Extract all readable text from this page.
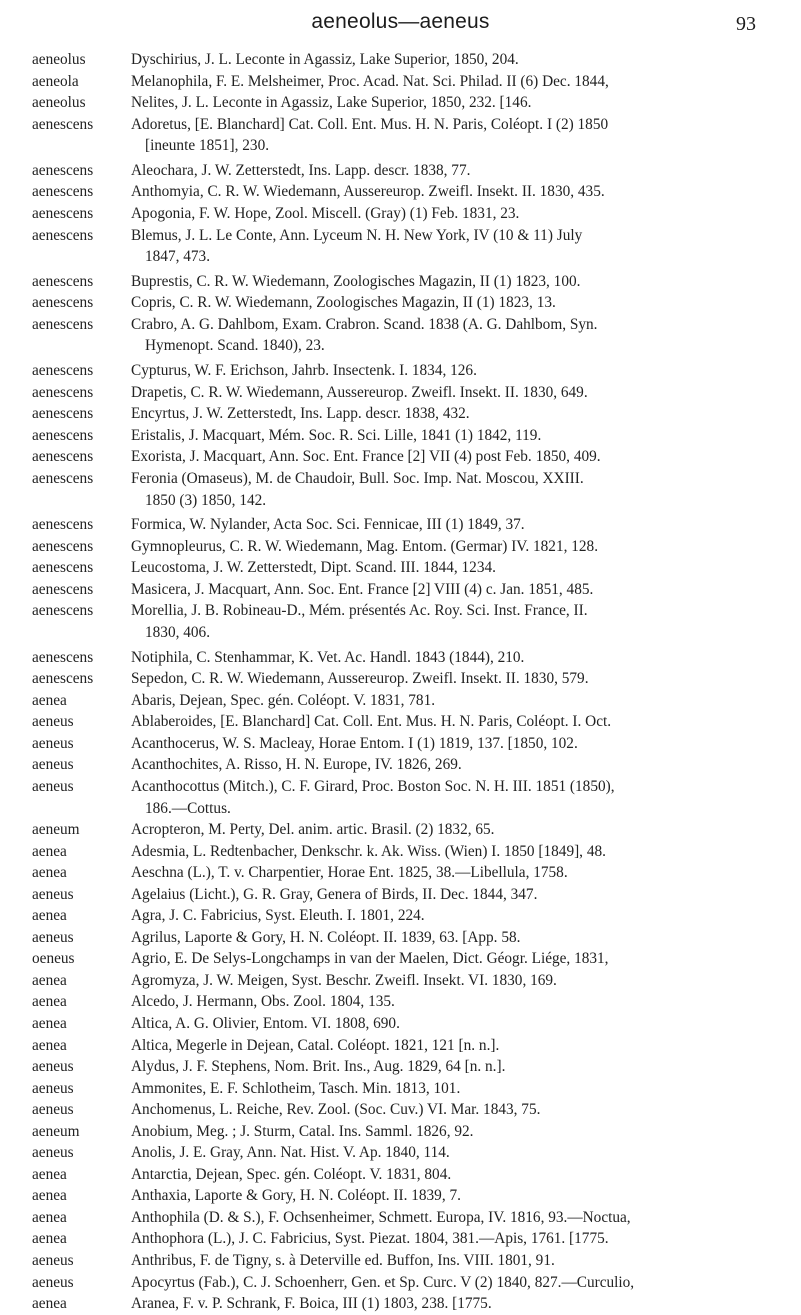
aeneolus—aeneus	93
aeneolus	Dyschirius, J. L. Leconte in Agassiz, Lake Superior, 1850, 204.
aeneola	Melanophila, F. E. Melsheimer, Proc. Acad. Nat. Sci. Philad. II (6) Dec. 1844,
aeneolus	Nelites, J. L. Leconte in Agassiz, Lake Superior, 1850, 232. [146.
aenescens	Adoretus, [E. Blanchard] Cat. Coll. Ent. Mus. H. N. Paris, Coléopt. I (2) 1850
[ineunte 1851], 230.
aenescens	Aleochara, J. W. Zetterstedt, Ins. Lapp. descr. 1838, 77.
aenescens	Anthomyia, C. R. W. Wiedemann, Aussereurop. Zweifl. Insekt. II. 1830, 435.
aenescens	Apogonia, F. W. Hope, Zool. Miscell. (Gray) (1) Feb. 1831, 23.
aenescens	Blemus, J. L. Le Conte, Ann. Lyceum N. H. New York, IV (10 & 11) July
1847, 473.
aenescens	Buprestis, C. R. W. Wiedemann, Zoologisches Magazin, II (1) 1823, 100.
aenescens	Copris, C. R. W. Wiedemann, Zoologisches Magazin, II (1) 1823, 13.
aenescens	Crabro, A. G. Dahlbom, Exam. Crabron. Scand. 1838 (A. G. Dahlbom, Syn.
Hymenopt. Scand. 1840), 23.
aenescens	Cypturus, W. F. Erichson, Jahrb. Insectenk. I. 1834, 126.
aenescens	Drapetis, C. R. W. Wiedemann, Aussereurop. Zweifl. Insekt. II. 1830, 649.
aenescens	Encyrtus, J. W. Zetterstedt, Ins. Lapp. descr. 1838, 432.
aenescens	Eristalis, J. Macquart, Mém. Soc. R. Sci. Lille, 1841 (1) 1842, 119.
aenescens	Exorista, J. Macquart, Ann. Soc. Ent. France [2] VII (4) post Feb. 1850, 409.
aenescens	Feronia (Omaseus), M. de Chaudoir, Bull. Soc. Imp. Nat. Moscou, XXIII.
1850 (3) 1850, 142.
aenescens	Formica, W. Nylander, Acta Soc. Sci. Fennicae, III (1) 1849, 37.
aenescens	Gymnopleurus, C. R. W. Wiedemann, Mag. Entom. (Germar) IV. 1821, 128.
aenescens	Leucostoma, J. W. Zetterstedt, Dipt. Scand. III. 1844, 1234.
aenescens	Masicera, J. Macquart, Ann. Soc. Ent. France [2] VIII (4) c. Jan. 1851, 485.
aenescens	Morellia, J. B. Robineau-D., Mém. présentés Ac. Roy. Sci. Inst. France, II.
1830, 406.
aenescens	Notiphila, C. Stenhammar, K. Vet. Ac. Handl. 1843 (1844), 210.
aenescens	Sepedon, C. R. W. Wiedemann, Aussereurop. Zweifl. Insekt. II. 1830, 579.
aenea	Abaris, Dejean, Spec. gén. Coléopt. V. 1831, 781.
aeneus	Ablaberoides, [E. Blanchard] Cat. Coll. Ent. Mus. H. N. Paris, Coléopt. I. Oct.
aeneus	Acanthocerus, W. S. Macleay, Horae Entom. I (1) 1819, 137. [1850, 102.
aeneus	Acanthochites, A. Risso, H. N. Europe, IV. 1826, 269.
aeneus	Acanthocottus (Mitch.), C. F. Girard, Proc. Boston Soc. N. H. III. 1851 (1850),
186.—Cottus.
aeneum	Acropteron, M. Perty, Del. anim. artic. Brasil. (2) 1832, 65.
aenea	Adesmia, L. Redtenbacher, Denkschr. k. Ak. Wiss. (Wien) I. 1850 [1849], 48.
aenea	Aeschna (L.), T. v. Charpentier, Horae Ent. 1825, 38.—Libellula, 1758.
aeneus	Agelaius (Licht.), G. R. Gray, Genera of Birds, II. Dec. 1844, 347.
aenea	Agra, J. C. Fabricius, Syst. Eleuth. I. 1801, 224.
aeneus	Agrilus, Laporte & Gory, H. N. Coléopt. II. 1839, 63. [App. 58.
oeneus	Agrio, E. De Selys-Longchamps in van der Maelen, Dict. Géogr. Liége, 1831,
aenea	Agromyza, J. W. Meigen, Syst. Beschr. Zweifl. Insekt. VI. 1830, 169.
aenea	Alcedo, J. Hermann, Obs. Zool. 1804, 135.
aenea	Altica, A. G. Olivier, Entom. VI. 1808, 690.
aenea	Altica, Megerle in Dejean, Catal. Coléopt. 1821, 121 [n. n.].
aeneus	Alydus, J. F. Stephens, Nom. Brit. Ins., Aug. 1829, 64 [n. n.].
aeneus	Ammonites, E. F. Schlotheim, Tasch. Min. 1813, 101.
aeneus	Anchomenus, L. Reiche, Rev. Zool. (Soc. Cuv.) VI. Mar. 1843, 75.
aeneum	Anobium, Meg. ; J. Sturm, Catal. Ins. Samml. 1826, 92.
aeneus	Anolis, J. E. Gray, Ann. Nat. Hist. V. Ap. 1840, 114.
aenea	Antarctia, Dejean, Spec. gén. Coléopt. V. 1831, 804.
aenea	Anthaxia, Laporte & Gory, H. N. Coléopt. II. 1839, 7.
aenea	Anthophila (D. & S.), F. Ochsenheimer, Schmett. Europa, IV. 1816, 93.—Noctua,
aenea	Anthophora (L.), J. C. Fabricius, Syst. Piezat. 1804, 381.—Apis, 1761. [1775.
aeneus	Anthribus, F. de Tigny, s. à Deterville ed. Buffon, Ins. VIII. 1801, 91.
aeneus	Apocyrtus (Fab.), C. J. Schoenherr, Gen. et Sp. Curc. V (2) 1840, 827.—Curculio,
aenea	Aranea, F. v. P. Schrank, F. Boica, III (1) 1803, 238. [1775.
